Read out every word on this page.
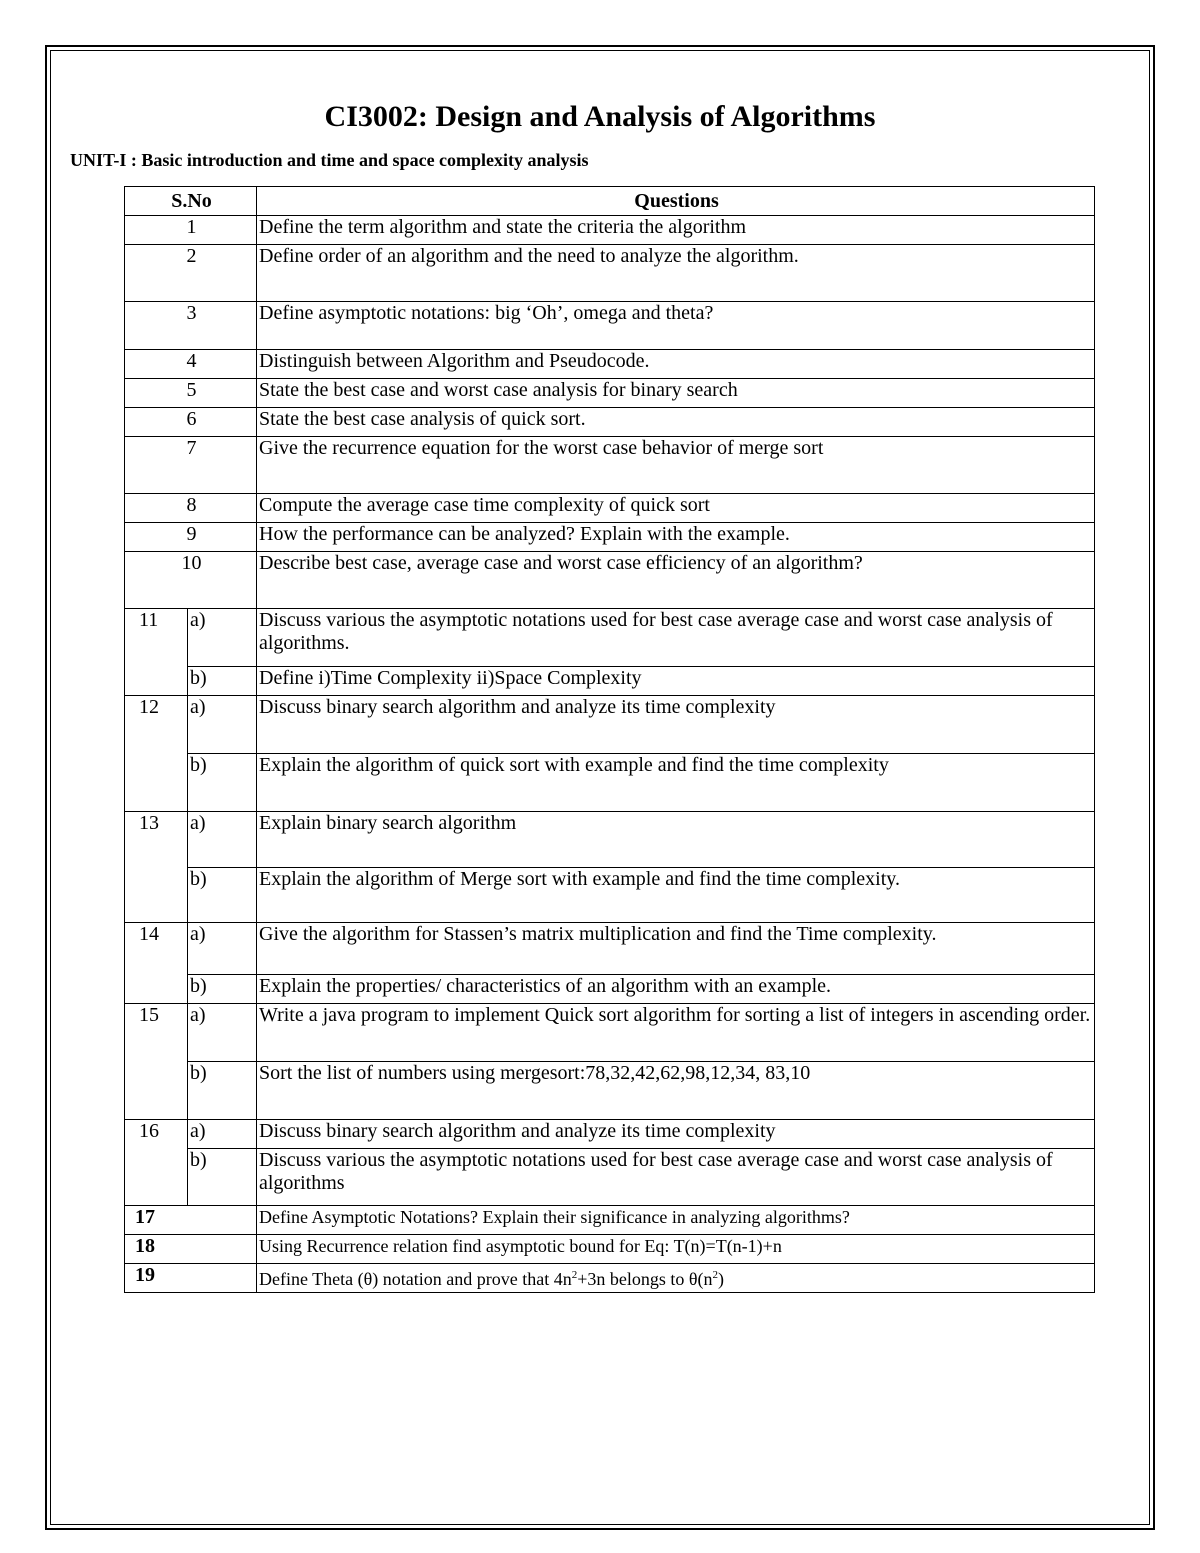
CI3002: Design and Analysis of Algorithms
UNIT-I : Basic introduction and time and space complexity analysis
S.No		Questions
1		Define the term algorithm and state the criteria the algorithm
2		Define order of an algorithm and the need to analyze the algorithm.
3		Define asymptotic notations: big ‘Oh’, omega and theta?
4		Distinguish between Algorithm and Pseudocode.
5		State the best case and worst case analysis for binary search
6		State the best case analysis of quick sort.
7		Give the recurrence equation for the worst case behavior of merge sort
8		Compute the average case time complexity of quick sort
9		How the performance can be analyzed? Explain with the example.
10		Describe best case, average case and worst case efficiency of an algorithm?
11	a)	Discuss various the asymptotic notations used for best case average case and worst case analysis of algorithms.
	b)	Define i)Time Complexity ii)Space Complexity
12	a)	Discuss binary search algorithm and analyze its time complexity
	b)	Explain the algorithm of quick sort with example and find the time complexity
13	a)	Explain binary search algorithm
	b)	Explain the algorithm of Merge sort with example and find the time complexity.
14	a)	Give the algorithm for Stassen’s matrix multiplication and find the Time complexity.
	b)	Explain the properties/ characteristics of an algorithm with an example.
15	a)	Write a java program to implement Quick sort algorithm for sorting a list of integers in ascending order.
	b)	Sort the list of numbers using mergesort:78,32,42,62,98,12,34, 83,10
16	a)	Discuss binary search algorithm and analyze its time complexity
	b)	Discuss various the asymptotic notations used for best case average case and worst case analysis of algorithms
17		Define Asymptotic Notations? Explain their significance in analyzing algorithms?
18		Using Recurrence relation find asymptotic bound for Eq: T(n)=T(n-1)+n
19		Define Theta (θ) notation and prove that $4n^2+3n$ belongs to $\theta(n^2)$
